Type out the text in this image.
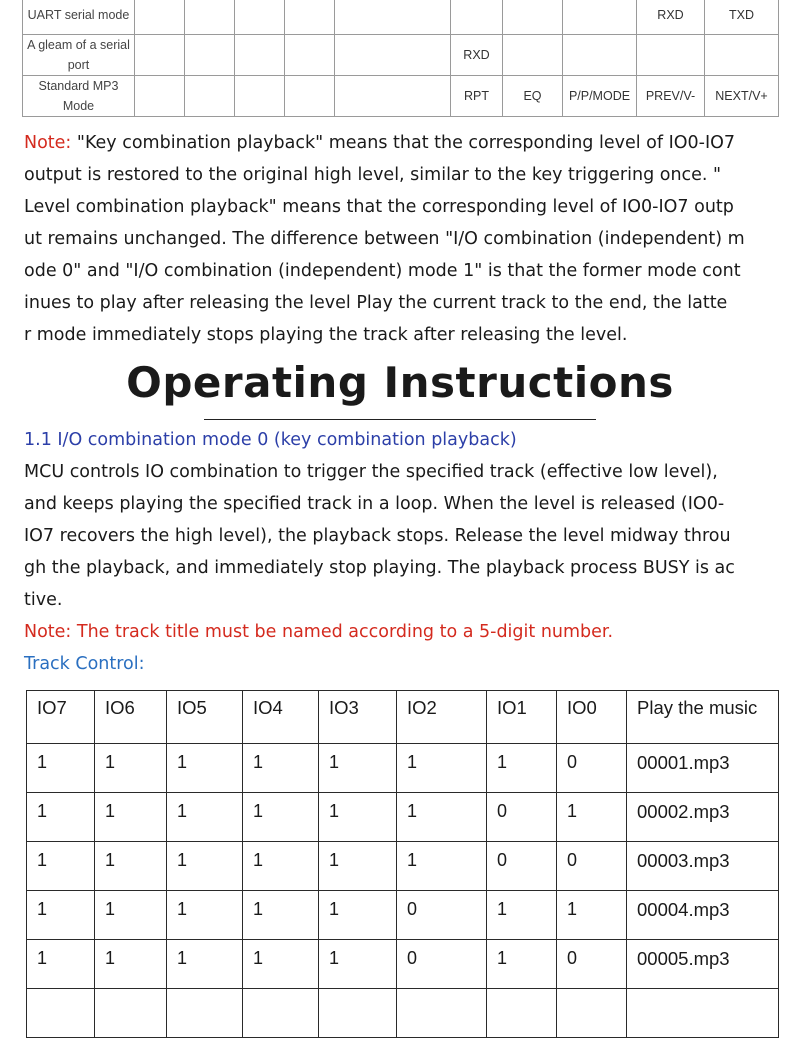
UART serial mode									RXD	TXD
A gleam of a serial port						RXD				
Standard MP3 Mode						RPT	EQ	P/P/MODE	PREV/V-	NEXT/V+

Note: "Key combination playback" means that the corresponding level of IO0-IO7

output is restored to the original high level, similar to the key triggering once. "

Level combination playback" means that the corresponding level of IO0-IO7 outp

ut remains unchanged. The difference between "I/O combination (independent) m

ode 0" and "I/O combination (independent) mode 1" is that the former mode cont

inues to play after releasing the level Play the current track to the end, the latte

r mode immediately stops playing the track after releasing the level.

Operating Instructions

1.1 I/O combination mode 0 (key combination playback)

MCU controls IO combination to trigger the specified track (effective low level),

and keeps playing the specified track in a loop. When the level is released (IO0-

IO7 recovers the high level), the playback stops. Release the level midway throu

gh the playback, and immediately stop playing. The playback process BUSY is ac

tive.

Note: The track title must be named according to a 5-digit number.

Track Control:

IO7	IO6	IO5	IO4	IO3	IO2	IO1	IO0	Play the music
1	1	1	1	1	1	1	0	00001.mp3
1	1	1	1	1	1	0	1	00002.mp3
1	1	1	1	1	1	0	0	00003.mp3
1	1	1	1	1	0	1	1	00004.mp3
1	1	1	1	1	0	1	0	00005.mp3
